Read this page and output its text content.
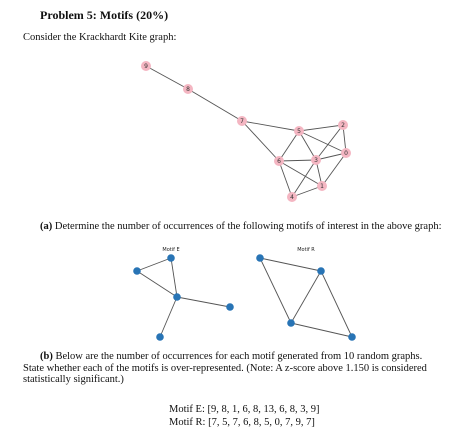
Problem 5: Motifs (20%)
Consider the Krackhardt Kite graph:
9
8
7
5
2
0
3
6
1
4
Motif E	Motif R
(a) Determine the number of occurrences of the following motifs of interest in the above graph:
(b) Below are the number of occurrences for each motif generated from 10 random graphs.
State whether each of the motifs is over-represented. (Note: A z-score above 1.150 is considered
statistically significant.)
Motif E: [9, 8, 1, 6, 8, 13, 6, 8, 3, 9]
Motif R: [7, 5, 7, 6, 8, 5, 0, 7, 9, 7]
